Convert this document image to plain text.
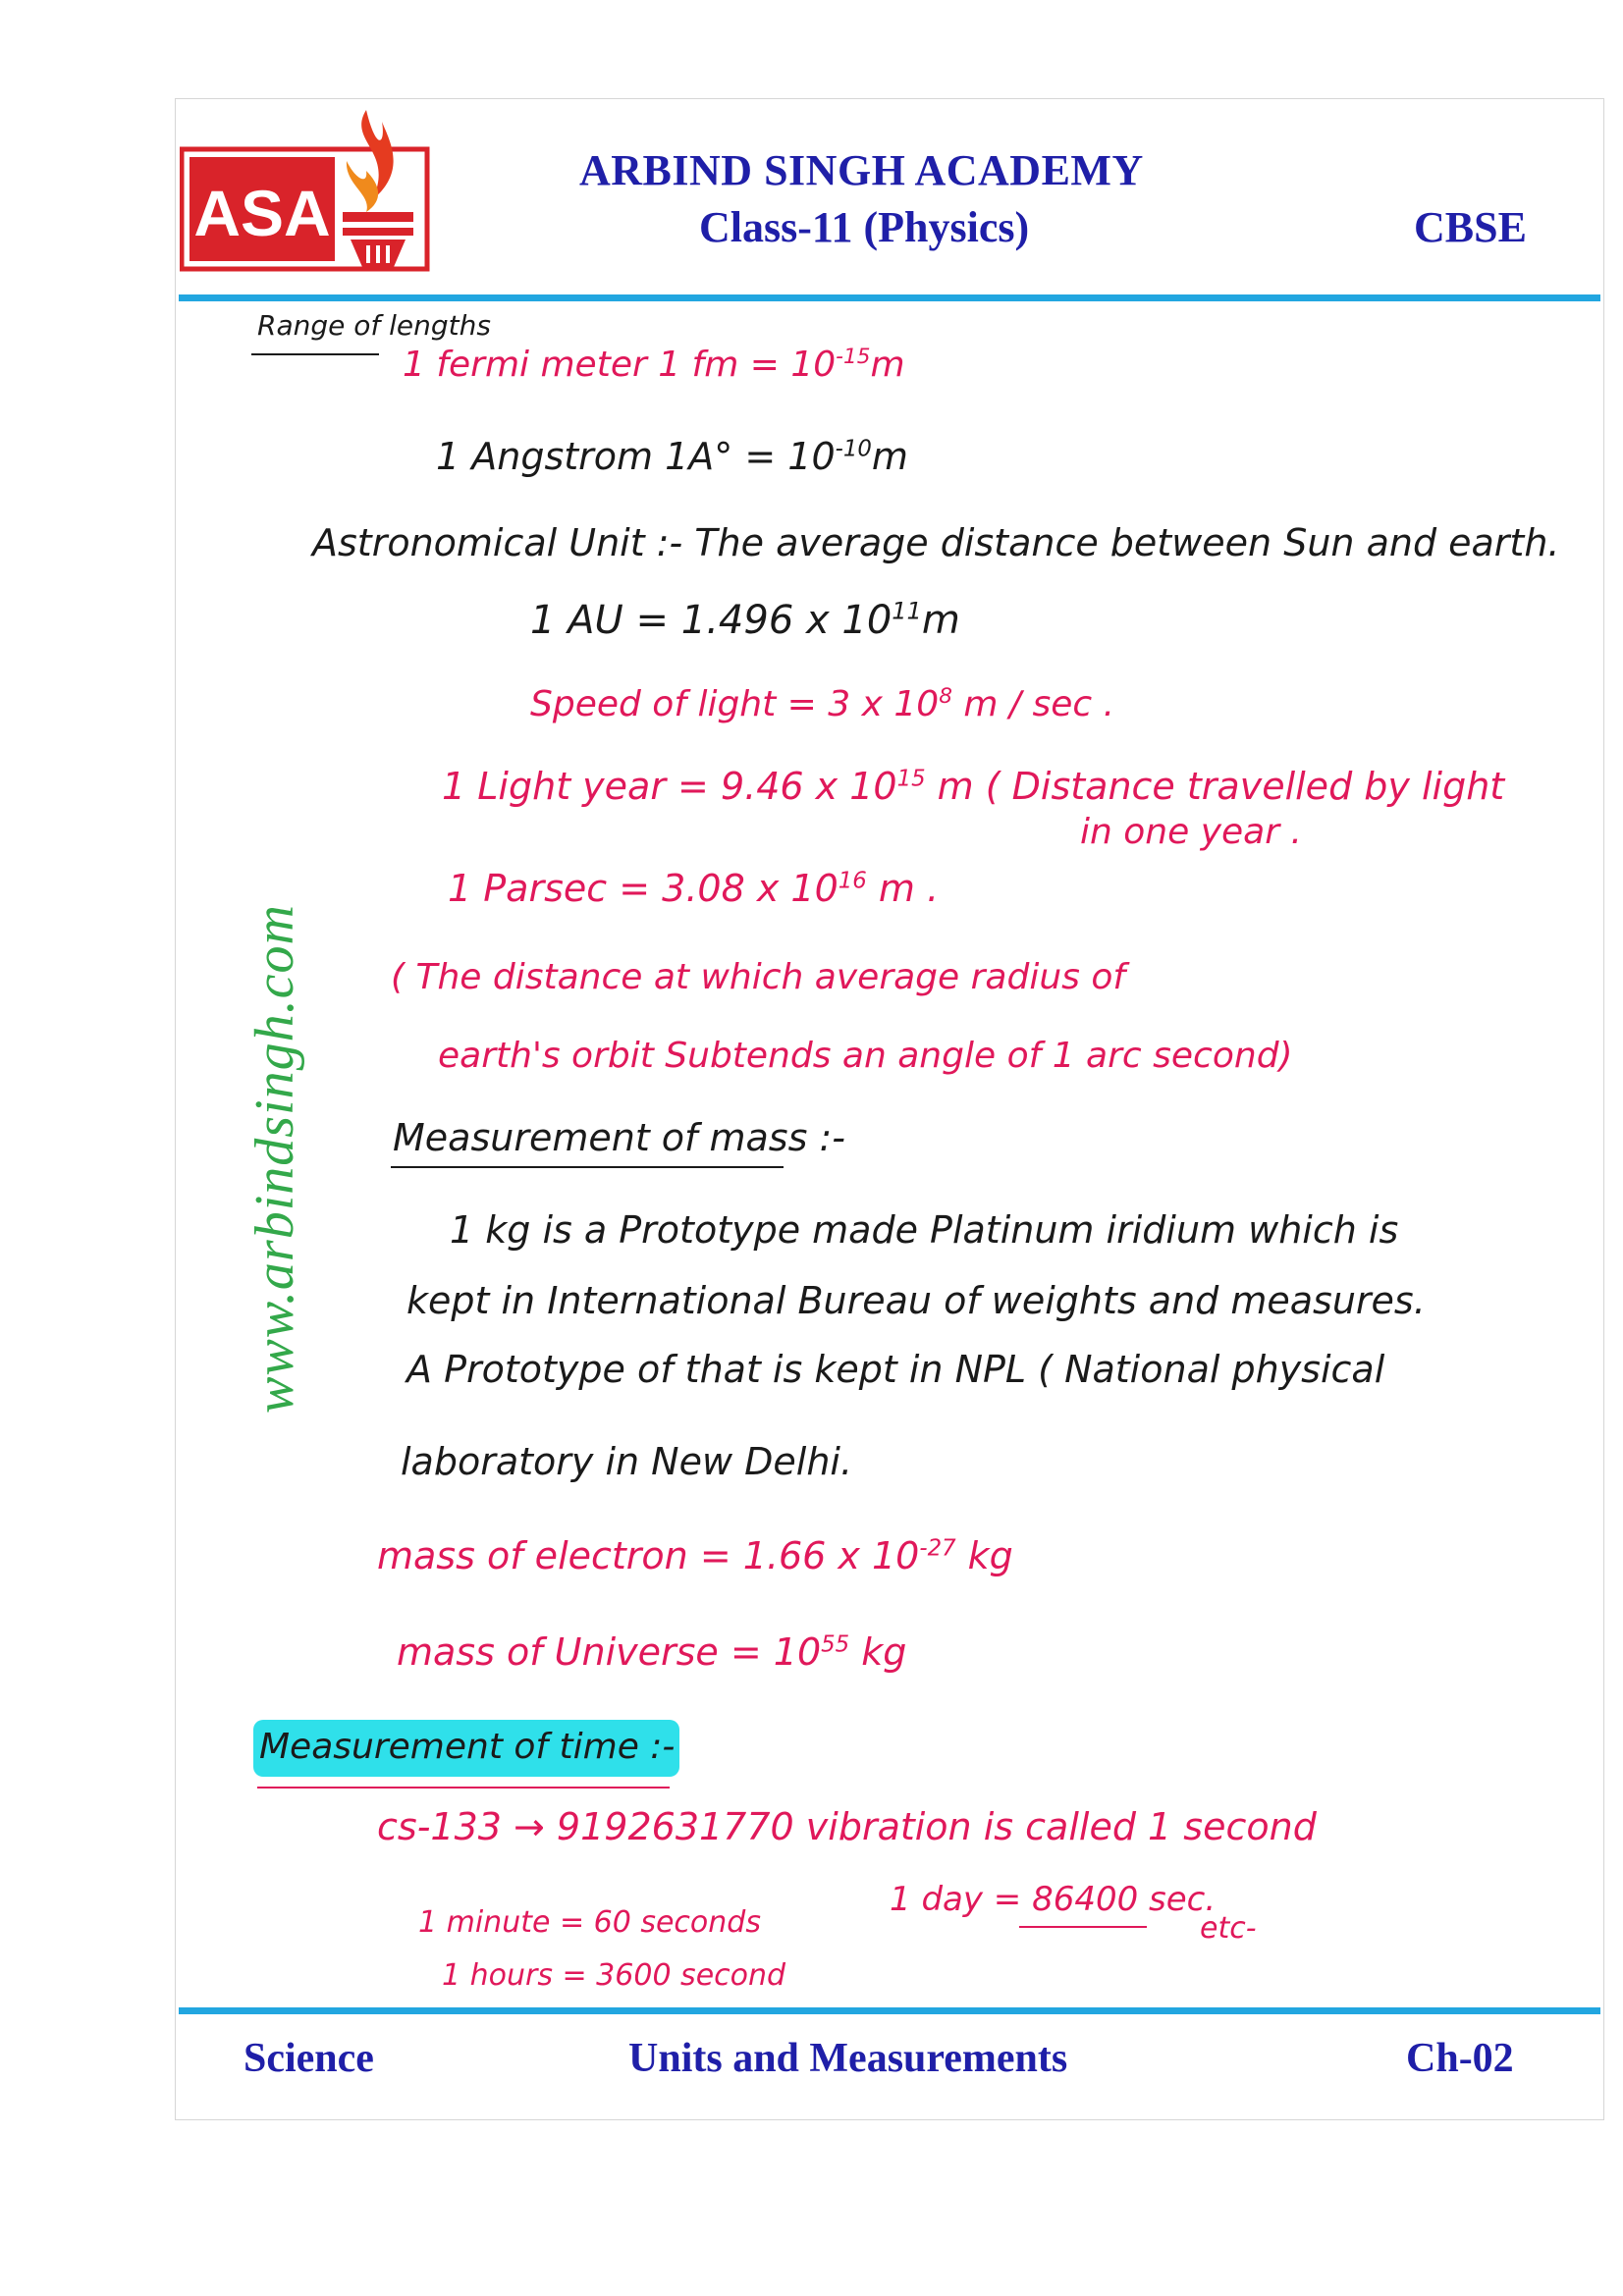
ASA
ARBIND SINGH ACADEMY
Class-11 (Physics)	CBSE
www.arbindsingh.com
Range of lengths
1 fermi meter 1 fm = $10^{-15}m$
1 Angstrom $1A^\circ = 10^{-10}m$
Astronomical Unit :- The average distance between Sun and earth.
1 AU = 1.496 x $10^{11}m$
Speed of light = 3 x $10^8$ m / sec .
1 Light year = 9.46 x $10^{15}$ m ( Distance travelled by light
in one year .
1 Parsec = 3.08 x $10^{16}$ m .
( The distance at which average radius of
earth's orbit Subtends an angle of 1 arc second)
Measurement of mass :-
1 kg is a Prototype made Platinum iridium which is
kept in International Bureau of weights and measures.
A Prototype of that is kept in NPL ( National physical
laboratory in New Delhi.
mass of electron = 1.66 x $10^{-27}$ kg
mass of Universe = $10^{55}$ kg
Measurement of time :-
cs-133 → 9192631770 vibration is called 1 second
1 minute = 60 seconds
1 day = 86400 sec.
etc-
1 hours = 3600 second
Science	Units and Measurements	Ch-02
